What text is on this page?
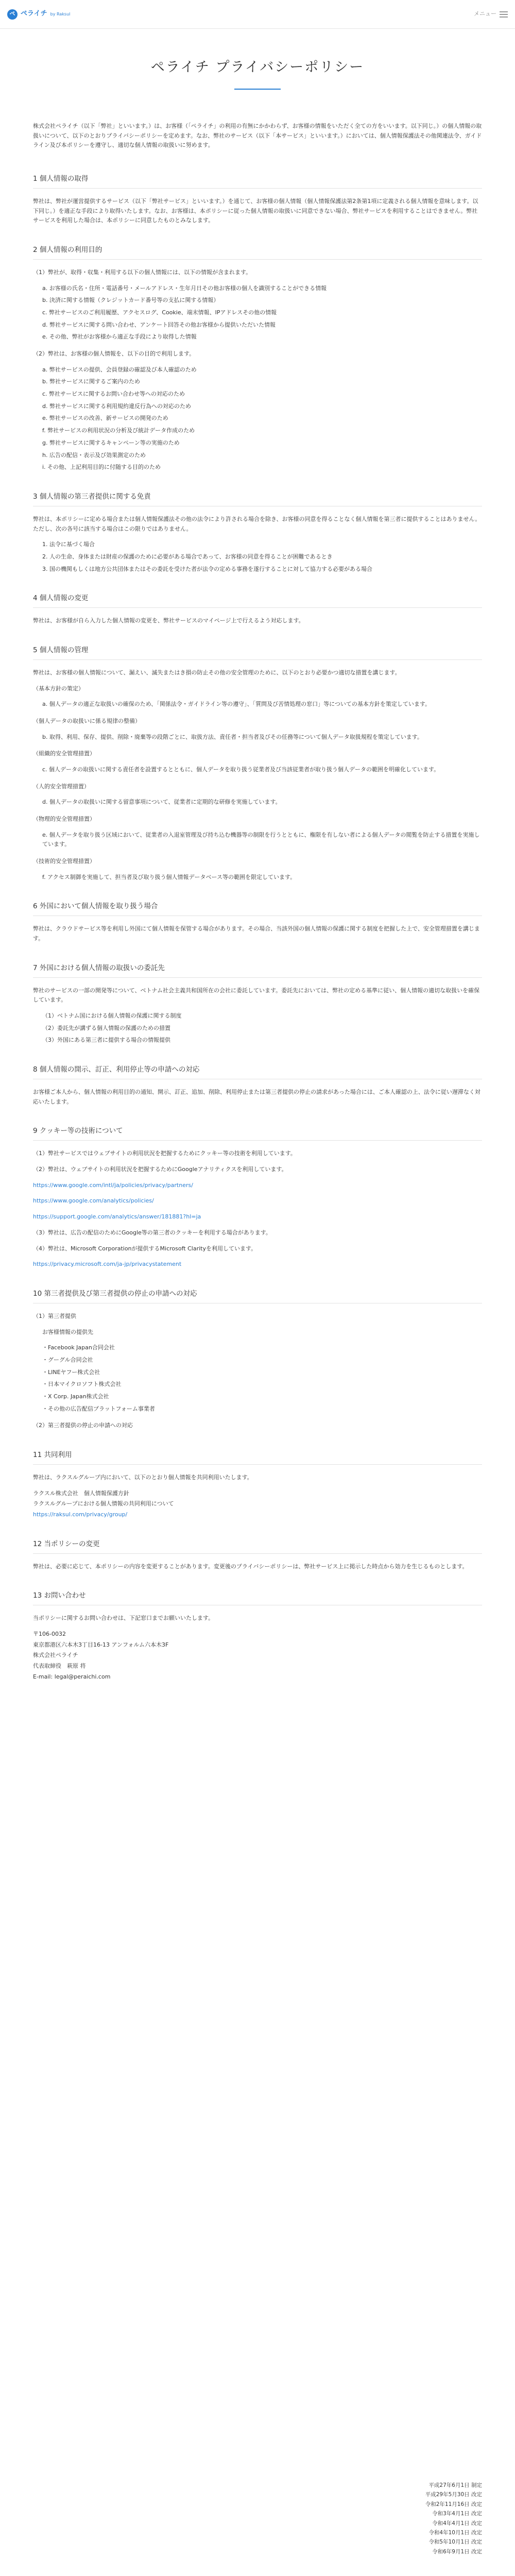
ペ ペライチ by Raksul	メニュー
ペライチ プライバシーポリシー

株式会社ペライチ（以下「弊社」といいます。）は、お客様（「ペライチ」の利用の有無にかかわらず、お客様の情報をいただく全ての方をいいます。以下同じ。）の個人情報の取扱いについて、以下のとおりプライバシーポリシーを定めます。なお、弊社のサービス（以下「本サービス」といいます。）においては、個人情報保護法その他関連法令、ガイドライン及び本ポリシーを遵守し、適切な個人情報の取扱いに努めます。

1 個人情報の取得

弊社は、弊社が運営提供するサービス（以下「弊社サービス」といいます。）を通じて、お客様の個人情報（個人情報保護法第2条第1項に定義される個人情報を意味します。以下同じ。）を適正な手段により取得いたします。なお、お客様は、本ポリシーに従った個人情報の取扱いに同意できない場合、弊社サービスを利用することはできません。弊社サービスを利用した場合は、本ポリシーに同意したものとみなします。

2 個人情報の利用目的

（1）弊社が、取得・収集・利用する以下の個人情報には、以下の情報が含まれます。

a. お客様の氏名・住所・電話番号・メールアドレス・生年月日その他お客様の個人を識別することができる情報
b. 決済に関する情報（クレジットカード番号等の支払に関する情報）
c. 弊社サービスのご利用履歴、アクセスログ、Cookie、端末情報、IPアドレスその他の情報
d. 弊社サービスに関する問い合わせ、アンケート回答その他お客様から提供いただいた情報
e. その他、弊社がお客様から適正な手段により取得した情報

（2）弊社は、お客様の個人情報を、以下の目的で利用します。

a. 弊社サービスの提供、会員登録の確認及び本人確認のため
b. 弊社サービスに関するご案内のため
c. 弊社サービスに関するお問い合わせ等への対応のため
d. 弊社サービスに関する利用規約違反行為への対応のため
e. 弊社サービスの改善、新サービスの開発のため
f. 弊社サービスの利用状況の分析及び統計データ作成のため
g. 弊社サービスに関するキャンペーン等の実施のため
h. 広告の配信・表示及び効果測定のため
i. その他、上記利用目的に付随する目的のため
3 個人情報の第三者提供に関する免責

弊社は、本ポリシーに定める場合または個人情報保護法その他の法令により許される場合を除き、お客様の同意を得ることなく個人情報を第三者に提供することはありません。ただし、次の各号に該当する場合はこの限りではありません。

1. 法令に基づく場合
2. 人の生命、身体または財産の保護のために必要がある場合であって、お客様の同意を得ることが困難であるとき
3. 国の機関もしくは地方公共団体またはその委託を受けた者が法令の定める事務を遂行することに対して協力する必要がある場合
4 個人情報の変更

弊社は、お客様が自ら入力した個人情報の変更を、弊社サービスのマイページ上で行えるよう対応します。

5 個人情報の管理

弊社は、お客様の個人情報について、漏えい、滅失またはき損の防止その他の安全管理のために、以下のとおり必要かつ適切な措置を講じます。

（基本方針の策定）

a. 個人データの適正な取扱いの確保のため、「関係法令・ガイドライン等の遵守」、「質問及び苦情処理の窓口」等についての基本方針を策定しています。

（個人データの取扱いに係る規律の整備）

b. 取得、利用、保存、提供、削除・廃棄等の段階ごとに、取扱方法、責任者・担当者及びその任務等について個人データ取扱規程を策定しています。

（組織的安全管理措置）

c. 個人データの取扱いに関する責任者を設置するとともに、個人データを取り扱う従業者及び当該従業者が取り扱う個人データの範囲を明確化しています。

（人的安全管理措置）

d. 個人データの取扱いに関する留意事項について、従業者に定期的な研修を実施しています。

（物理的安全管理措置）

e. 個人データを取り扱う区域において、従業者の入退室管理及び持ち込む機器等の制限を行うとともに、権限を有しない者による個人データの閲覧を防止する措置を実施しています。

（技術的安全管理措置）

f. アクセス制御を実施して、担当者及び取り扱う個人情報データベース等の範囲を限定しています。
6 外国において個人情報を取り扱う場合

弊社は、クラウドサービス等を利用し外国にて個人情報を保管する場合があります。その場合、当該外国の個人情報の保護に関する制度を把握した上で、安全管理措置を講じます。

7 外国における個人情報の取扱いの委託先

弊社のサービスの一部の開発等について、ベトナム社会主義共和国所在の会社に委託しています。委託先においては、弊社の定める基準に従い、個人情報の適切な取扱いを確保しています。

（1）ベトナム国における個人情報の保護に関する制度
（2）委託先が講ずる個人情報の保護のための措置
（3）外国にある第三者に提供する場合の情報提供
8 個人情報の開示、訂正、利用停止等の申請への対応

お客様ご本人から、個人情報の利用目的の通知、開示、訂正、追加、削除、利用停止または第三者提供の停止の請求があった場合には、ご本人確認の上、法令に従い遅滞なく対応いたします。

9 クッキー等の技術について

（1）弊社サービスではウェブサイトの利用状況を把握するためにクッキー等の技術を利用しています。

（2）弊社は、ウェブサイトの利用状況を把握するためにGoogleアナリティクスを利用しています。

https://www.google.com/intl/ja/policies/privacy/partners/

https://www.google.com/analytics/policies/

https://support.google.com/analytics/answer/181881?hl=ja

（3）弊社は、広告の配信のためにGoogle等の第三者のクッキーを利用する場合があります。

（4）弊社は、Microsoft Corporationが提供するMicrosoft Clarityを利用しています。

https://privacy.microsoft.com/ja-jp/privacystatement

10 第三者提供及び第三者提供の停止の申請への対応

（1）第三者提供

お客様情報の提供先

・Facebook Japan合同会社
・グーグル合同会社
・LINEヤフー株式会社
・日本マイクロソフト株式会社
・X Corp. Japan株式会社
・その他の広告配信プラットフォーム事業者

（2）第三者提供の停止の申請への対応

11 共同利用

弊社は、ラクスルグループ内において、以下のとおり個人情報を共同利用いたします。

ラクスル株式会社　個人情報保護方針

ラクスルグループにおける個人情報の共同利用について

https://raksul.com/privacy/group/

12 当ポリシーの変更

弊社は、必要に応じて、本ポリシーの内容を変更することがあります。変更後のプライバシーポリシーは、弊社サービス上に掲示した時点から効力を生じるものとします。

13 お問い合わせ

当ポリシーに関するお問い合わせは、下記窓口までお願いいたします。

〒106-0032

東京都港区六本木3丁目16-13 アンフォルム六本木3F

株式会社ペライチ

代表取締役　萩原 将

E-mail: legal@peraichi.com

平成27年6月1日 制定
平成29年5月30日 改定
令和2年11月16日 改定
令和3年4月1日 改定
令和4年4月1日 改定
令和4年10月1日 改定
令和5年10月1日 改定
令和6年9月1日 改定
